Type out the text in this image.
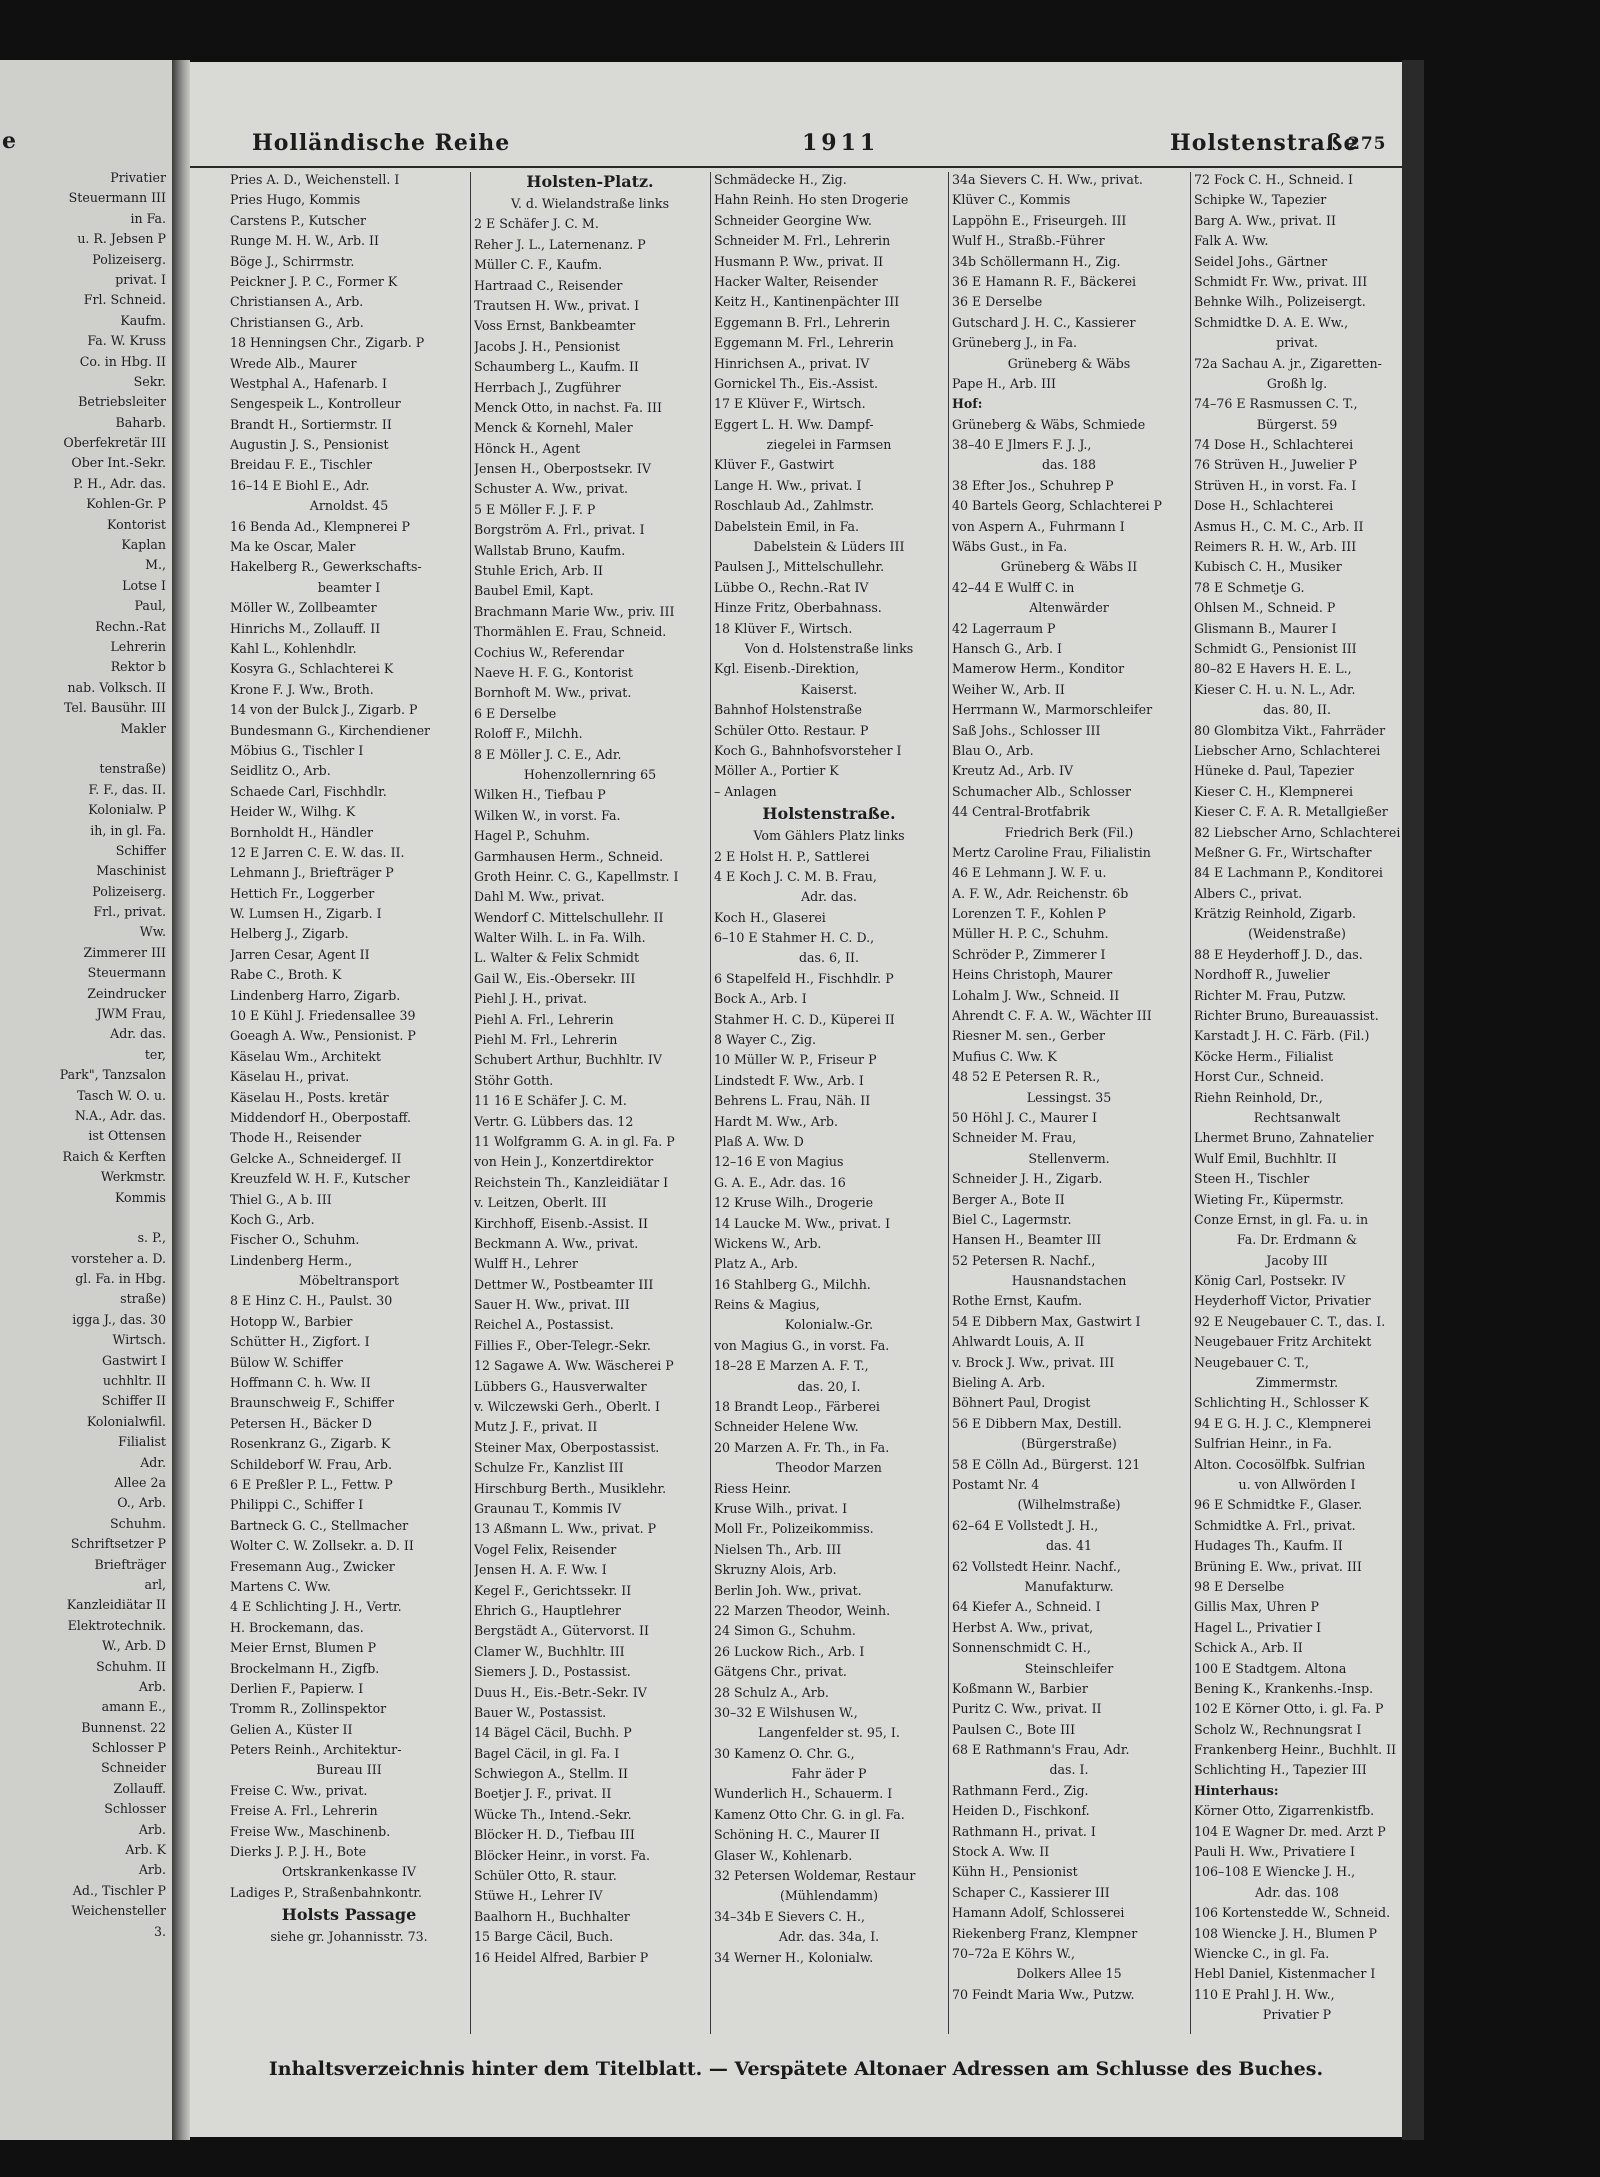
e
Privatier
Steuermann III
in Fa.
u. R. Jebsen P
Polizeiserg.
privat. I
Frl. Schneid.
Kaufm.
Fa. W. Kruss
Co. in Hbg. II
Sekr.
Betriebsleiter
Baharb.
Oberfekretär III
Ober Int.-Sekr.
P. H., Adr. das.
Kohlen-Gr. P
Kontorist
Kaplan
M.,
Lotse I
Paul,
Rechn.-Rat
Lehrerin
Rektor b
nab. Volksch. II
Tel. Bausühr. III
Makler
tenstraße)
F. F., das. II.
Kolonialw. P
ih, in gl. Fa.
Schiffer
Maschinist
Polizeiserg.
Frl., privat.
Ww.
Zimmerer III
Steuermann
Zeindrucker
JWM Frau,
Adr. das.
ter,
Park", Tanzsalon
Tasch W. O. u.
N.A., Adr. das.
ist Ottensen
Raich & Kerften
Werkmstr.
Kommis
s. P.,
vorsteher a. D.
gl. Fa. in Hbg.
straße)
igga J., das. 30
Wirtsch.
Gastwirt I
uchhltr. II
Schiffer II
Kolonialwfil.
Filialist
Adr.
Allee 2a
O., Arb.
Schuhm.
Schriftsetzer P
Briefträger
arl,
Kanzleidiätar II
Elektrotechnik.
W., Arb. D
Schuhm. II
Arb.
amann E.,
Bunnenst. 22
Schlosser P
Schneider
Zollauff.
Schlosser
Arb.
Arb. K
Arb.
Ad., Tischler P
Weichensteller
3.
Holländische Reihe	1911	Holstenstraße
275
Pries A. D., Weichenstell. I
Pries Hugo, Kommis
Carstens P., Kutscher
Runge M. H. W., Arb. II
Böge J., Schirrmstr.
Peickner J. P. C., Former K
Christiansen A., Arb.
Christiansen G., Arb.
18 Henningsen Chr., Zigarb. P
Wrede Alb., Maurer
Westphal A., Hafenarb. I
Sengespeik L., Kontrolleur
Brandt H., Sortiermstr. II
Augustin J. S., Pensionist
Breidau F. E., Tischler
16–14 E Biohl E., Adr.
Arnoldst. 45
16 Benda Ad., Klempnerei P
Ma ke Oscar, Maler
Hakelberg R., Gewerkschafts-
beamter I
Möller W., Zollbeamter
Hinrichs M., Zollauff. II
Kahl L., Kohlenhdlr.
Kosyra G., Schlachterei K
Krone F. J. Ww., Broth.
14 von der Bulck J., Zigarb. P
Bundesmann G., Kirchendiener
Möbius G., Tischler I
Seidlitz O., Arb.
Schaede Carl, Fischhdlr.
Heider W., Wilhg. K
Bornholdt H., Händler
12 E Jarren C. E. W. das. II.
Lehmann J., Briefträger P
Hettich Fr., Loggerber
W. Lumsen H., Zigarb. I
Helberg J., Zigarb.
Jarren Cesar, Agent II
Rabe C., Broth. K
Lindenberg Harro, Zigarb.
10 E Kühl J. Friedensallee 39
Goeagh A. Ww., Pensionist. P
Käselau Wm., Architekt
Käselau H., privat.
Käselau H., Posts. kretär
Middendorf H., Oberpostaff.
Thode H., Reisender
Gelcke A., Schneidergef. II
Kreuzfeld W. H. F., Kutscher
Thiel G., A b. III
Koch G., Arb.
Fischer O., Schuhm.
Lindenberg Herm.,
Möbeltransport
8 E Hinz C. H., Paulst. 30
Hotopp W., Barbier
Schütter H., Zigfort. I
Bülow W. Schiffer
Hoffmann C. h. Ww. II
Braunschweig F., Schiffer
Petersen H., Bäcker D
Rosenkranz G., Zigarb. K
Schildeborf W. Frau, Arb.
6 E Preßler P. L., Fettw. P
Philippi C., Schiffer I
Bartneck G. C., Stellmacher
Wolter C. W. Zollsekr. a. D. II
Fresemann Aug., Zwicker
Martens C. Ww.
4 E Schlichting J. H., Vertr.
H. Brockemann, das.
Meier Ernst, Blumen P
Brockelmann H., Zigfb.
Derlien F., Papierw. I
Tromm R., Zollinspektor
Gelien A., Küster II
Peters Reinh., Architektur-
Bureau III
Freise C. Ww., privat.
Freise A. Frl., Lehrerin
Freise Ww., Maschinenb.
Dierks J. P. J. H., Bote
Ortskrankenkasse IV
Ladiges P., Straßenbahnkontr.
Holsts Passage
siehe gr. Johannisstr. 73.
Holsten-Platz.
V. d. Wielandstraße links
2 E Schäfer J. C. M.
Reher J. L., Laternenanz. P
Müller C. F., Kaufm.
Hartraad C., Reisender
Trautsen H. Ww., privat. I
Voss Ernst, Bankbeamter
Jacobs J. H., Pensionist
Schaumberg L., Kaufm. II
Herrbach J., Zugführer
Menck Otto, in nachst. Fa. III
Menck & Kornehl, Maler
Hönck H., Agent
Jensen H., Oberpostsekr. IV
Schuster A. Ww., privat.
5 E Möller F. J. F. P
Borgström A. Frl., privat. I
Wallstab Bruno, Kaufm.
Stuhle Erich, Arb. II
Baubel Emil, Kapt.
Brachmann Marie Ww., priv. III
Thormählen E. Frau, Schneid.
Cochius W., Referendar
Naeve H. F. G., Kontorist
Bornhoft M. Ww., privat.
6 E Derselbe
Roloff F., Milchh.
8 E Möller J. C. E., Adr.
Hohenzollernring 65
Wilken H., Tiefbau P
Wilken W., in vorst. Fa.
Hagel P., Schuhm.
Garmhausen Herm., Schneid.
Groth Heinr. C. G., Kapellmstr. I
Dahl M. Ww., privat.
Wendorf C. Mittelschullehr. II
Walter Wilh. L. in Fa. Wilh.
L. Walter & Felix Schmidt
Gail W., Eis.-Obersekr. III
Piehl J. H., privat.
Piehl A. Frl., Lehrerin
Piehl M. Frl., Lehrerin
Schubert Arthur, Buchhltr. IV
Stöhr Gotth.
11 16 E Schäfer J. C. M.
Vertr. G. Lübbers das. 12
11 Wolfgramm G. A. in gl. Fa. P
von Hein J., Konzertdirektor
Reichstein Th., Kanzleidiätar I
v. Leitzen, Oberlt. III
Kirchhoff, Eisenb.-Assist. II
Beckmann A. Ww., privat.
Wulff H., Lehrer
Dettmer W., Postbeamter III
Sauer H. Ww., privat. III
Reichel A., Postassist.
Fillies F., Ober-Telegr.-Sekr.
12 Sagawe A. Ww. Wäscherei P
Lübbers G., Hausverwalter
v. Wilczewski Gerh., Oberlt. I
Mutz J. F., privat. II
Steiner Max, Oberpostassist.
Schulze Fr., Kanzlist III
Hirschburg Berth., Musiklehr.
Graunau T., Kommis IV
13 Aßmann L. Ww., privat. P
Vogel Felix, Reisender
Jensen H. A. F. Ww. I
Kegel F., Gerichtssekr. II
Ehrich G., Hauptlehrer
Bergstädt A., Gütervorst. II
Clamer W., Buchhltr. III
Siemers J. D., Postassist.
Duus H., Eis.-Betr.-Sekr. IV
Bauer W., Postassist.
14 Bägel Cäcil, Buchh. P
Bagel Cäcil, in gl. Fa. I
Schwiegon A., Stellm. II
Boetjer J. F., privat. II
Wücke Th., Intend.-Sekr.
Blöcker H. D., Tiefbau III
Blöcker Heinr., in vorst. Fa.
Schüler Otto, R. staur.
Stüwe H., Lehrer IV
Baalhorn H., Buchhalter
15 Barge Cäcil, Buch.
16 Heidel Alfred, Barbier P
Schmädecke H., Zig.
Hahn Reinh. Ho sten Drogerie
Schneider Georgine Ww.
Schneider M. Frl., Lehrerin
Husmann P. Ww., privat. II
Hacker Walter, Reisender
Keitz H., Kantinenpächter III
Eggemann B. Frl., Lehrerin
Eggemann M. Frl., Lehrerin
Hinrichsen A., privat. IV
Gornickel Th., Eis.-Assist.
17 E Klüver F., Wirtsch.
Eggert L. H. Ww. Dampf-
ziegelei in Farmsen
Klüver F., Gastwirt
Lange H. Ww., privat. I
Roschlaub Ad., Zahlmstr.
Dabelstein Emil, in Fa.
Dabelstein & Lüders III
Paulsen J., Mittelschullehr.
Lübbe O., Rechn.-Rat IV
Hinze Fritz, Oberbahnass.
18 Klüver F., Wirtsch.
Von d. Holstenstraße links
Kgl. Eisenb.-Direktion,
Kaiserst.
Bahnhof Holstenstraße
Schüler Otto. Restaur. P
Koch G., Bahnhofsvorsteher I
Möller A., Portier K
– Anlagen
Holstenstraße.
Vom Gählers Platz links
2 E Holst H. P., Sattlerei
4 E Koch J. C. M. B. Frau,
Adr. das.
Koch H., Glaserei
6–10 E Stahmer H. C. D.,
das. 6, II.
6 Stapelfeld H., Fischhdlr. P
Bock A., Arb. I
Stahmer H. C. D., Küperei II
8 Wayer C., Zig.
10 Müller W. P., Friseur P
Lindstedt F. Ww., Arb. I
Behrens L. Frau, Näh. II
Hardt M. Ww., Arb.
Plaß A. Ww. D
12–16 E von Magius
G. A. E., Adr. das. 16
12 Kruse Wilh., Drogerie
14 Laucke M. Ww., privat. I
Wickens W., Arb.
Platz A., Arb.
16 Stahlberg G., Milchh.
Reins & Magius,
Kolonialw.-Gr.
von Magius G., in vorst. Fa.
18–28 E Marzen A. F. T.,
das. 20, I.
18 Brandt Leop., Färberei
Schneider Helene Ww.
20 Marzen A. Fr. Th., in Fa.
Theodor Marzen
Riess Heinr.
Kruse Wilh., privat. I
Moll Fr., Polizeikommiss.
Nielsen Th., Arb. III
Skruzny Alois, Arb.
Berlin Joh. Ww., privat.
22 Marzen Theodor, Weinh.
24 Simon G., Schuhm.
26 Luckow Rich., Arb. I
Gätgens Chr., privat.
28 Schulz A., Arb.
30–32 E Wilshusen W.,
Langenfelder st. 95, I.
30 Kamenz O. Chr. G.,
Fahr äder P
Wunderlich H., Schauerm. I
Kamenz Otto Chr. G. in gl. Fa.
Schöning H. C., Maurer II
Glaser W., Kohlenarb.
32 Petersen Woldemar, Restaur
(Mühlendamm)
34–34b E Sievers C. H.,
Adr. das. 34a, I.
34 Werner H., Kolonialw.
34a Sievers C. H. Ww., privat.
Klüver C., Kommis
Lappöhn E., Friseurgeh. III
Wulf H., Straßb.-Führer
34b Schöllermann H., Zig.
36 E Hamann R. F., Bäckerei
36 E Derselbe
Gutschard J. H. C., Kassierer
Grüneberg J., in Fa.
Grüneberg & Wäbs
Pape H., Arb. III
Hof:
Grüneberg & Wäbs, Schmiede
38–40 E Jlmers F. J. J.,
das. 188
38 Efter Jos., Schuhrep P
40 Bartels Georg, Schlachterei P
von Aspern A., Fuhrmann I
Wäbs Gust., in Fa.
Grüneberg & Wäbs II
42–44 E Wulff C. in
Altenwärder
42 Lagerraum P
Hansch G., Arb. I
Mamerow Herm., Konditor
Weiher W., Arb. II
Herrmann W., Marmorschleifer
Saß Johs., Schlosser III
Blau O., Arb.
Kreutz Ad., Arb. IV
Schumacher Alb., Schlosser
44 Central-Brotfabrik
Friedrich Berk (Fil.)
Mertz Caroline Frau, Filialistin
46 E Lehmann J. W. F. u.
A. F. W., Adr. Reichenstr. 6b
Lorenzen T. F., Kohlen P
Müller H. P. C., Schuhm.
Schröder P., Zimmerer I
Heins Christoph, Maurer
Lohalm J. Ww., Schneid. II
Ahrendt C. F. A. W., Wächter III
Riesner M. sen., Gerber
Mufius C. Ww. K
48 52 E Petersen R. R.,
Lessingst. 35
50 Höhl J. C., Maurer I
Schneider M. Frau,
Stellenverm.
Schneider J. H., Zigarb.
Berger A., Bote II
Biel C., Lagermstr.
Hansen H., Beamter III
52 Petersen R. Nachf.,
Hausnandstachen
Rothe Ernst, Kaufm.
54 E Dibbern Max, Gastwirt I
Ahlwardt Louis, A. II
v. Brock J. Ww., privat. III
Bieling A. Arb.
Böhnert Paul, Drogist
56 E Dibbern Max, Destill.
(Bürgerstraße)
58 E Cölln Ad., Bürgerst. 121
Postamt Nr. 4
(Wilhelmstraße)
62–64 E Vollstedt J. H.,
das. 41
62 Vollstedt Heinr. Nachf.,
Manufakturw.
64 Kiefer A., Schneid. I
Herbst A. Ww., privat,
Sonnenschmidt C. H.,
Steinschleifer
Koßmann W., Barbier
Puritz C. Ww., privat. II
Paulsen C., Bote III
68 E Rathmann's Frau, Adr.
das. I.
Rathmann Ferd., Zig.
Heiden D., Fischkonf.
Rathmann H., privat. I
Stock A. Ww. II
Kühn H., Pensionist
Schaper C., Kassierer III
Hamann Adolf, Schlosserei
Riekenberg Franz, Klempner
70–72a E Köhrs W.,
Dolkers Allee 15
70 Feindt Maria Ww., Putzw.
72 Fock C. H., Schneid. I
Schipke W., Tapezier
Barg A. Ww., privat. II
Falk A. Ww.
Seidel Johs., Gärtner
Schmidt Fr. Ww., privat. III
Behnke Wilh., Polizeisergt.
Schmidtke D. A. E. Ww.,
privat.
72a Sachau A. jr., Zigaretten-
Großh lg.
74–76 E Rasmussen C. T.,
Bürgerst. 59
74 Dose H., Schlachterei
76 Strüven H., Juwelier P
Strüven H., in vorst. Fa. I
Dose H., Schlachterei
Asmus H., C. M. C., Arb. II
Reimers R. H. W., Arb. III
Kubisch C. H., Musiker
78 E Schmetje G.
Ohlsen M., Schneid. P
Glismann B., Maurer I
Schmidt G., Pensionist III
80–82 E Havers H. E. L.,
Kieser C. H. u. N. L., Adr.
das. 80, II.
80 Glombitza Vikt., Fahrräder
Liebscher Arno, Schlachterei
Hüneke d. Paul, Tapezier
Kieser C. H., Klempnerei
Kieser C. F. A. R. Metallgießer
82 Liebscher Arno, Schlachterei
Meßner G. Fr., Wirtschafter
84 E Lachmann P., Konditorei
Albers C., privat.
Krätzig Reinhold, Zigarb.
(Weidenstraße)
88 E Heyderhoff J. D., das.
Nordhoff R., Juwelier
Richter M. Frau, Putzw.
Richter Bruno, Bureauassist.
Karstadt J. H. C. Färb. (Fil.)
Köcke Herm., Filialist
Horst Cur., Schneid.
Riehn Reinhold, Dr.,
Rechtsanwalt
Lhermet Bruno, Zahnatelier
Wulf Emil, Buchhltr. II
Steen H., Tischler
Wieting Fr., Küpermstr.
Conze Ernst, in gl. Fa. u. in
Fa. Dr. Erdmann &
Jacoby III
König Carl, Postsekr. IV
Heyderhoff Victor, Privatier
92 E Neugebauer C. T., das. I.
Neugebauer Fritz Architekt
Neugebauer C. T.,
Zimmermstr.
Schlichting H., Schlosser K
94 E G. H. J. C., Klempnerei
Sulfrian Heinr., in Fa.
Alton. Cocosölfbk. Sulfrian
u. von Allwörden I
96 E Schmidtke F., Glaser.
Schmidtke A. Frl., privat.
Hudages Th., Kaufm. II
Brüning E. Ww., privat. III
98 E Derselbe
Gillis Max, Uhren P
Hagel L., Privatier I
Schick A., Arb. II
100 E Stadtgem. Altona
Bening K., Krankenhs.-Insp.
102 E Körner Otto, i. gl. Fa. P
Scholz W., Rechnungsrat I
Frankenberg Heinr., Buchhlt. II
Schlichting H., Tapezier III
Hinterhaus:
Körner Otto, Zigarrenkistfb.
104 E Wagner Dr. med. Arzt P
Pauli H. Ww., Privatiere I
106–108 E Wiencke J. H.,
Adr. das. 108
106 Kortenstedde W., Schneid.
108 Wiencke J. H., Blumen P
Wiencke C., in gl. Fa.
Hebl Daniel, Kistenmacher I
110 E Prahl J. H. Ww.,
Privatier P
Inhaltsverzeichnis hinter dem Titelblatt. — Verspätete Altonaer Adressen am Schlusse des Buches.
